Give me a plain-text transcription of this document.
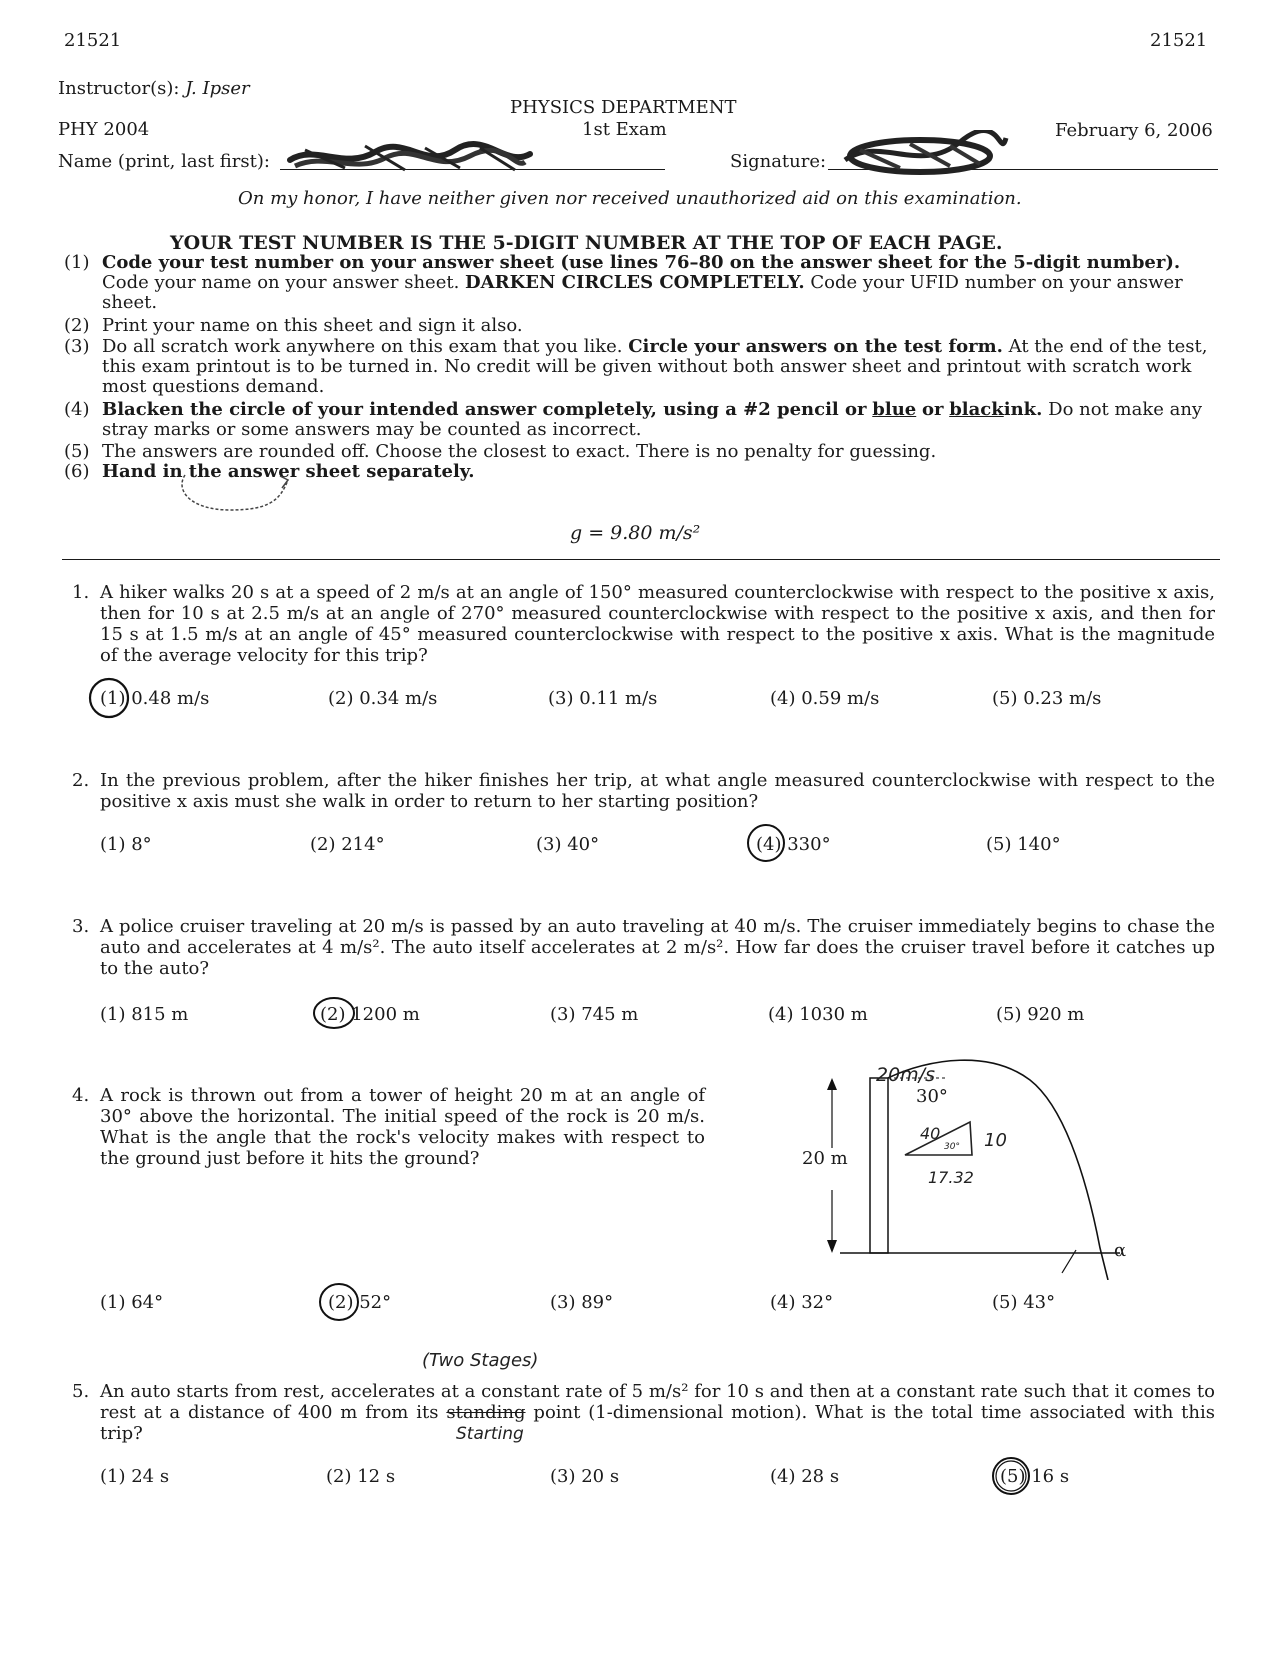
21521	21521
Instructor(s): J. Ipser
PHYSICS DEPARTMENT
PHY 2004	1st Exam	February 6, 2006
Name (print, last first):	Signature:
On my honor, I have neither given nor received unauthorized aid on this examination.
YOUR TEST NUMBER IS THE 5-DIGIT NUMBER AT THE TOP OF EACH PAGE.
(1) Code your test number on your answer sheet (use lines 76–80 on the answer sheet for the 5-digit number). Code your name on your answer sheet. DARKEN CIRCLES COMPLETELY. Code your UFID number on your answer sheet.
(2) Print your name on this sheet and sign it also.
(3) Do all scratch work anywhere on this exam that you like. Circle your answers on the test form. At the end of the test, this exam printout is to be turned in. No credit will be given without both answer sheet and printout with scratch work most questions demand.
(4) Blacken the circle of your intended answer completely, using a #2 pencil or blue or blackink. Do not make any stray marks or some answers may be counted as incorrect.
(5) The answers are rounded off. Choose the closest to exact. There is no penalty for guessing.
(6) Hand in the answer sheet separately.
g = 9.80 m/s²
1. A hiker walks 20 s at a speed of 2 m/s at an angle of 150° measured counterclockwise with respect to the positive x axis, then for 10 s at 2.5 m/s at an angle of 270° measured counterclockwise with respect to the positive x axis, and then for 15 s at 1.5 m/s at an angle of 45° measured counterclockwise with respect to the positive x axis. What is the magnitude of the average velocity for this trip?
(1) 0.48 m/s	(2) 0.34 m/s	(3) 0.11 m/s	(4) 0.59 m/s	(5) 0.23 m/s
2. In the previous problem, after the hiker finishes her trip, at what angle measured counterclockwise with respect to the positive x axis must she walk in order to return to her starting position?
(1) 8°	(2) 214°	(3) 40°	(4) 330°	(5) 140°
3. A police cruiser traveling at 20 m/s is passed by an auto traveling at 40 m/s. The cruiser immediately begins to chase the auto and accelerates at 4 m/s². The auto itself accelerates at 2 m/s². How far does the cruiser travel before it catches up to the auto?
(1) 815 m	(2) 1200 m	(3) 745 m	(4) 1030 m	(5) 920 m
4. A rock is thrown out from a tower of height 20 m at an angle of 30° above the horizontal. The initial speed of the rock is 20 m/s. What is the angle that the rock's velocity makes with respect to the ground just before it hits the ground?	20 m
30°
α
20m/s
40 10
17.32
30°
(1) 64°	(2) 52°	(3) 89°	(4) 32°	(5) 43°
(Two Stages)
5. An auto starts from rest, accelerates at a constant rate of 5 m/s² for 10 s and then at a constant rate such that it comes to rest at a distance of 400 m from its standing point (1-dimensional motion). What is the total time associated with this trip?	Starting
(1) 24 s	(2) 12 s	(3) 20 s	(4) 28 s	(5) 16 s
